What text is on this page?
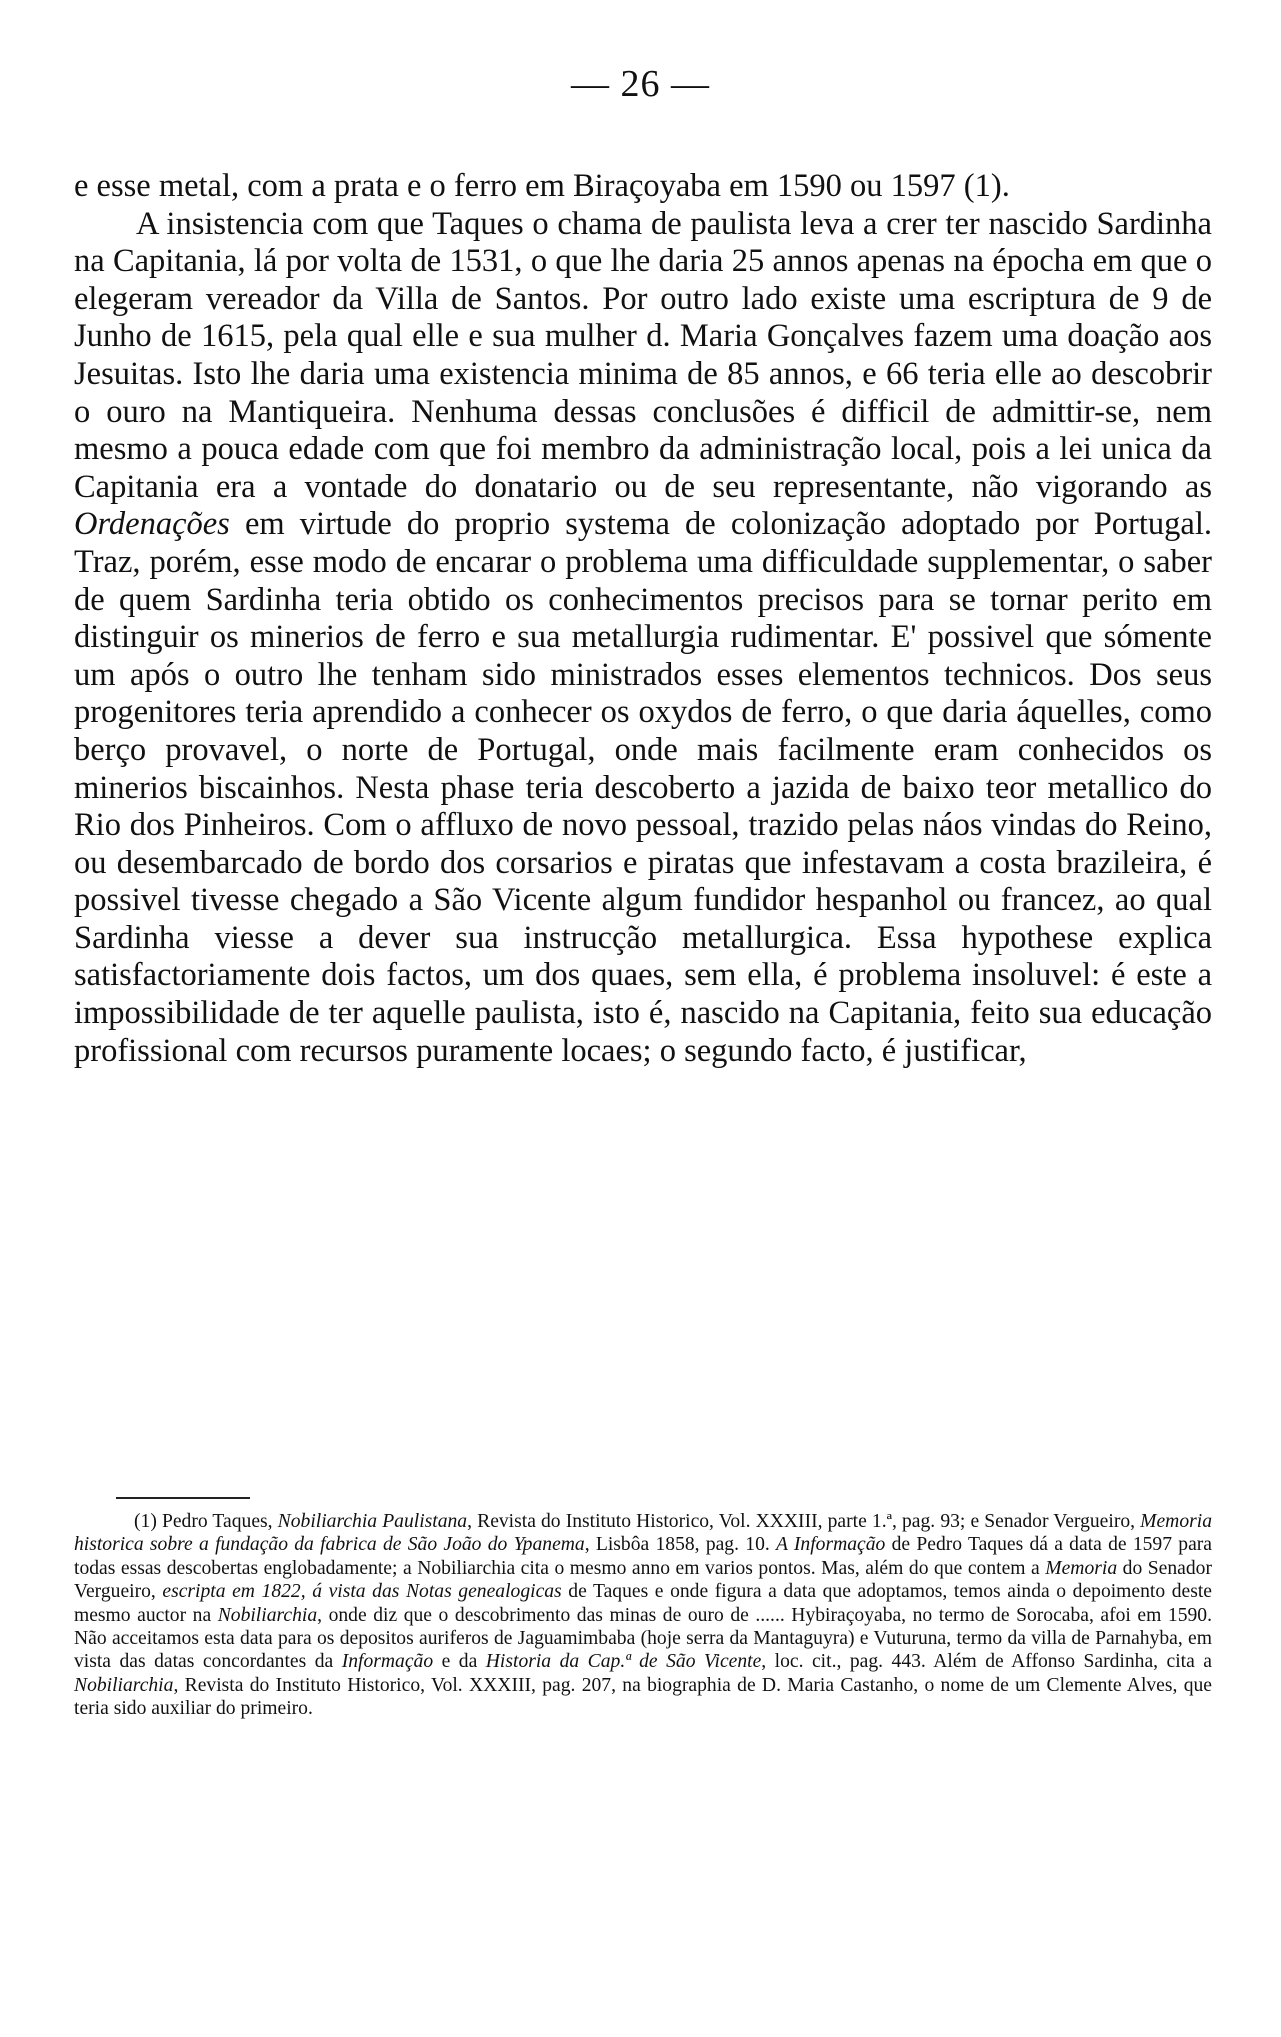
— 26 —

e esse metal, com a prata e o ferro em Biraçoyaba em 1590 ou 1597 (1).

A insistencia com que Taques o chama de paulista leva a crer ter nascido Sardinha na Capitania, lá por volta de 1531, o que lhe daria 25 annos apenas na épocha em que o elegeram vereador da Villa de Santos. Por outro lado existe uma escriptura de 9 de Junho de 1615, pela qual elle e sua mulher d. Maria Gonçalves fazem uma doação aos Jesuitas. Isto lhe daria uma existencia minima de 85 annos, e 66 teria elle ao descobrir o ouro na Mantiqueira. Nenhuma dessas conclusões é difficil de admittir-se, nem mesmo a pouca edade com que foi membro da administração local, pois a lei unica da Capitania era a vontade do donatario ou de seu representante, não vigorando as Ordenações em virtude do proprio systema de colonização adoptado por Portugal. Traz, porém, esse modo de encarar o problema uma difficuldade supplementar, o saber de quem Sardinha teria obtido os conhecimentos precisos para se tornar perito em distinguir os minerios de ferro e sua metallurgia rudimentar. E' possivel que sómente um após o outro lhe tenham sido ministrados esses elementos technicos. Dos seus progenitores teria aprendido a conhecer os oxydos de ferro, o que daria áquelles, como berço provavel, o norte de Portugal, onde mais facilmente eram conhecidos os minerios biscainhos. Nesta phase teria descoberto a jazida de baixo teor metallico do Rio dos Pinheiros. Com o affluxo de novo pessoal, trazido pelas náos vindas do Reino, ou desembarcado de bordo dos corsarios e piratas que infestavam a costa brazileira, é possivel tivesse chegado a São Vicente algum fundidor hespanhol ou francez, ao qual Sardinha viesse a dever sua instrucção metallurgica. Essa hypothese explica satisfactoriamente dois factos, um dos quaes, sem ella, é problema insoluvel: é este a impossibilidade de ter aquelle paulista, isto é, nascido na Capitania, feito sua educação profissional com recursos puramente locaes; o segundo facto, é justificar,

(1) Pedro Taques, Nobiliarchia Paulistana, Revista do Instituto Historico, Vol. XXXIII, parte 1.ª, pag. 93; e Senador Vergueiro, Memoria historica sobre a fundação da fabrica de São João do Ypanema, Lisbôa 1858, pag. 10. A Informação de Pedro Taques dá a data de 1597 para todas essas descobertas englobadamente; a Nobiliarchia cita o mesmo anno em varios pontos. Mas, além do que contem a Memoria do Senador Vergueiro, escripta em 1822, á vista das Notas genealogicas de Taques e onde figura a data que adoptamos, temos ainda o depoimento deste mesmo auctor na Nobiliarchia, onde diz que o descobrimento das minas de ouro de ...... Hybiraçoyaba, no termo de Sorocaba, afoi em 1590. Não acceitamos esta data para os depositos auriferos de Jaguamimbaba (hoje serra da Mantaguyra) e Vuturuna, termo da villa de Parnahyba, em vista das datas concordantes da Informação e da Historia da Cap.ª de São Vicente, loc. cit., pag. 443. Além de Affonso Sardinha, cita a Nobiliarchia, Revista do Instituto Historico, Vol. XXXIII, pag. 207, na biographia de D. Maria Castanho, o nome de um Clemente Alves, que teria sido auxiliar do primeiro.
